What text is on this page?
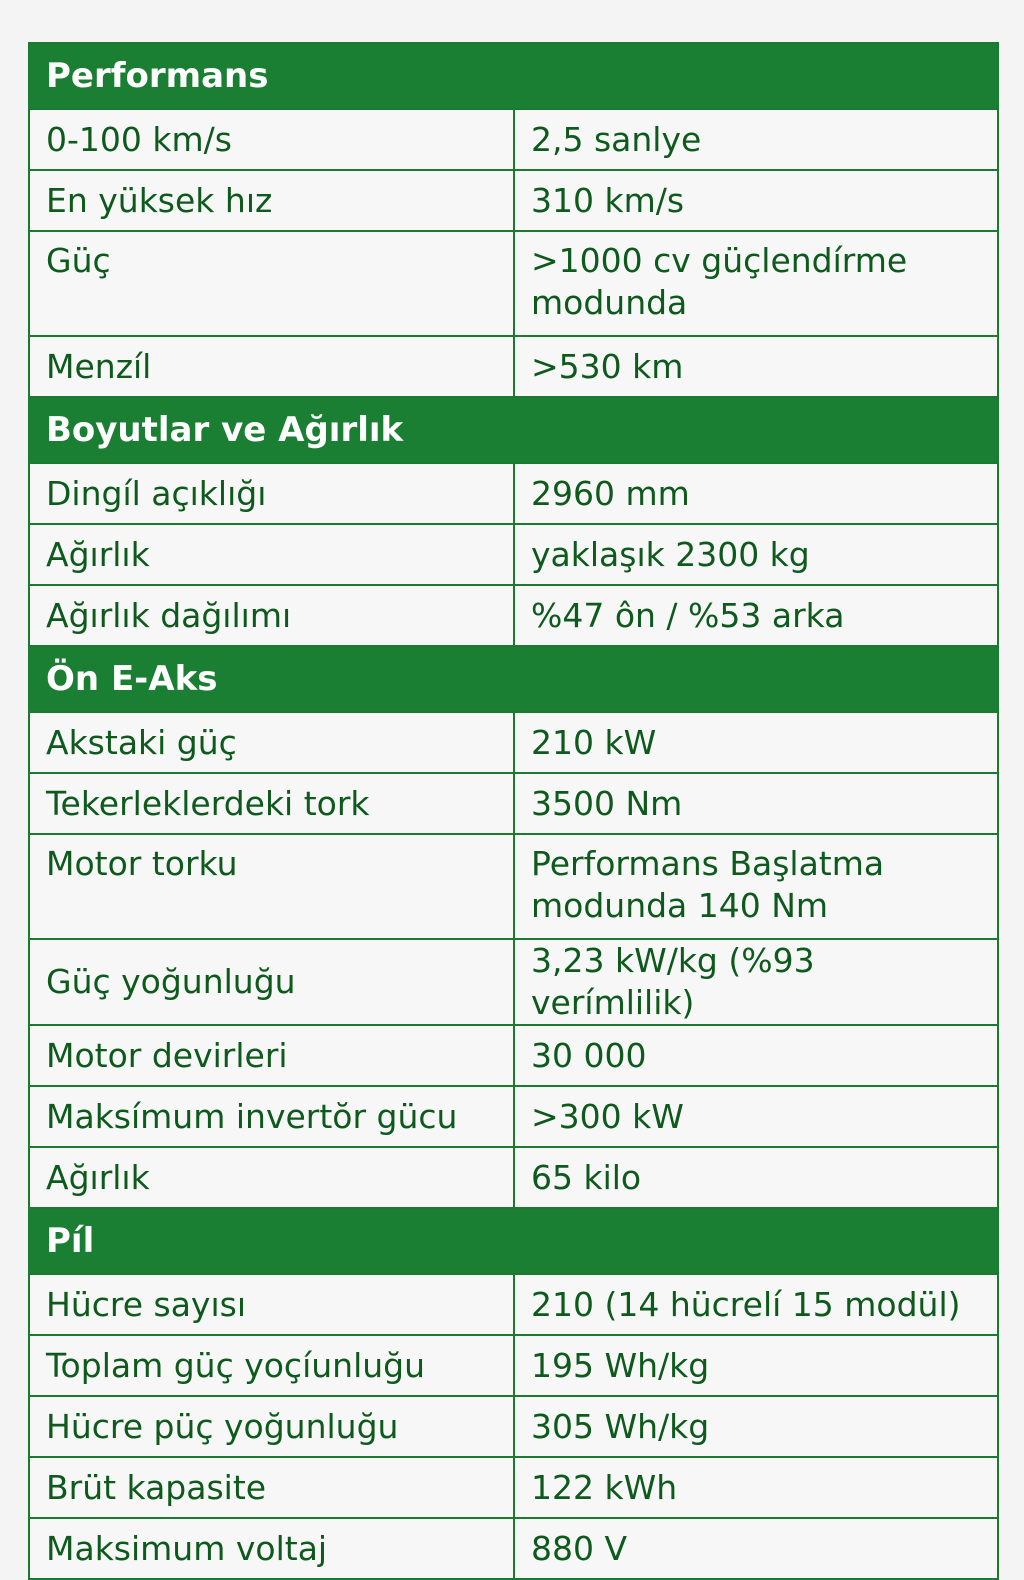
Performans	
0-100 km/s	2,5 sanlye
En yüksek hız	310 km/s
Güç	>1000 cv güçlendírme modunda
Menzíl	>530 km
Boyutlar ve Ağırlık	
Dingíl açıklığı	2960 mm
Ağırlık	yaklaşık 2300 kg
Ağırlık dağılımı	%47 ôn / %53 arka
Ön E-Aks	
Akstaki güç	210 kW
Tekerleklerdeki tork	3500 Nm
Motor torku	Performans Başlatma modunda 140 Nm
Güç yoğunluğu	3,23 kW/kg (%93 verímlilik)
Motor devirleri	30 000
Maksímum invertŏr gücu	>300 kW
Ağırlık	65 kilo
Píl	
Hücre sayısı	210 (14 hücrelí 15 modül)
Toplam güç yoçíunluğu	195 Wh/kg
Hücre püç yoğunluğu	305 Wh/kg
Brüt kapasite	122 kWh
Maksimum voltaj	880 V
